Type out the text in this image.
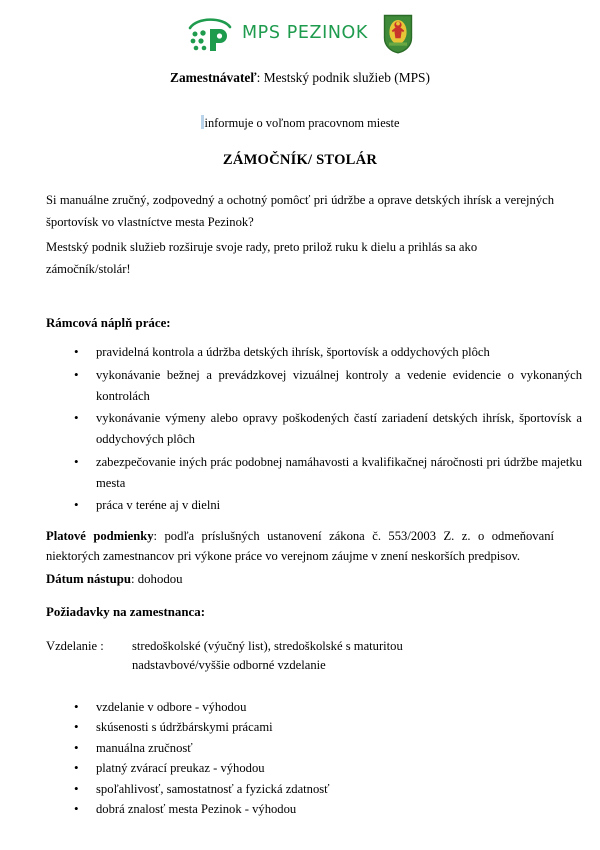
MPS PEZINOK
Zamestnávateľ: Mestský podnik služieb (MPS)
informuje o voľnom pracovnom mieste
ZÁMOČNÍK/ STOLÁR
Si manuálne zručný, zodpovedný a ochotný pomôcť pri údržbe a oprave detských ihrísk a verejných športovísk vo vlastníctve mesta Pezinok?
Mestský podnik služieb rozširuje svoje rady, preto prilož ruku k dielu a prihlás sa ako zámočník/stolár!
Rámcová náplň práce:
• pravidelná kontrola a údržba detských ihrísk, športovísk a oddychových plôch
• vykonávanie bežnej a prevádzkovej vizuálnej kontroly a vedenie evidencie o vykonaných kontrolách
• vykonávanie výmeny alebo opravy poškodených častí zariadení detských ihrísk, športovísk a oddychových plôch
• zabezpečovanie iných prác podobnej namáhavosti a kvalifikačnej náročnosti pri údržbe majetku mesta
• práca v teréne aj v dielni
Platové podmienky: podľa príslušných ustanovení zákona č. 553/2003 Z. z. o odmeňovaní niektorých zamestnancov pri výkone práce vo verejnom záujme v znení neskorších predpisov.
Dátum nástupu: dohodou
Požiadavky na zamestnanca:
Vzdelanie :	stredoškolské (výučný list), stredoškolské s maturitou
nadstavbové/vyššie odborné vzdelanie
• vzdelanie v odbore - výhodou
• skúsenosti s údržbárskymi prácami
• manuálna zručnosť
• platný zvárací preukaz - výhodou
• spoľahlivosť, samostatnosť a fyzická zdatnosť
• dobrá znalosť mesta Pezinok - výhodou
